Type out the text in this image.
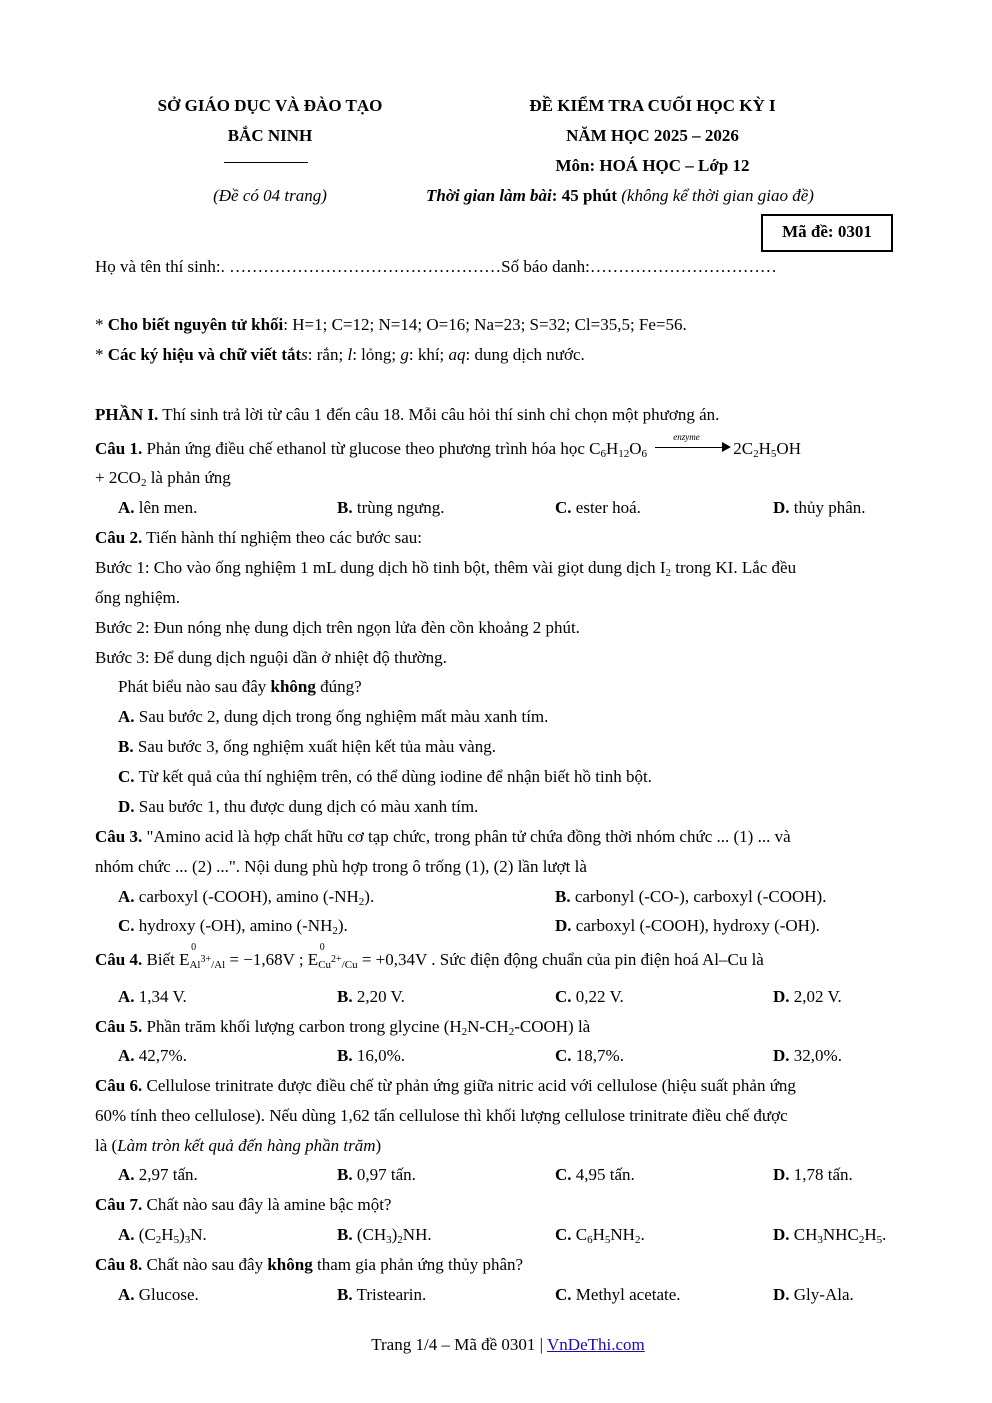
SỞ GIÁO DỤC VÀ ĐÀO TẠO
BẮC NINH
(Đề có 04 trang)
ĐỀ KIỂM TRA CUỐI HỌC KỲ I
NĂM HỌC 2025 – 2026
Môn: HOÁ HỌC – Lớp 12
Thời gian làm bài: 45 phút (không kể thời gian giao đề)
Mã đề: 0301
Họ và tên thí sinh:. …………………………………………Số báo danh:……………………………
* Cho biết nguyên tử khối: H=1; C=12; N=14; O=16; Na=23; S=32; Cl=35,5; Fe=56.
* Các ký hiệu và chữ viết tắts: rắn; l: lỏng; g: khí; aq: dung dịch nước.
PHẦN I. Thí sinh trả lời từ câu 1 đến câu 18. Mỗi câu hỏi thí sinh chỉ chọn một phương án.
Câu 1. Phản ứng điều chế ethanol từ glucose theo phương trình hóa học $C_6H_{12}O_6$
enzyme
$2C_2H_5OH$
+ $2CO_2$ là phản ứng
A. lên men.	B. trùng ngưng.	C. ester hoá.	D. thủy phân.
Câu 2. Tiến hành thí nghiệm theo các bước sau:
Bước 1: Cho vào ống nghiệm 1 mL dung dịch hồ tinh bột, thêm vài giọt dung dịch $I_2$ trong KI. Lắc đều
ống nghiệm.
Bước 2: Đun nóng nhẹ dung dịch trên ngọn lửa đèn cồn khoảng 2 phút.
Bước 3: Để dung dịch nguội dần ở nhiệt độ thường.
Phát biểu nào sau đây không đúng?
A. Sau bước 2, dung dịch trong ống nghiệm mất màu xanh tím.
B. Sau bước 3, ống nghiệm xuất hiện kết tủa màu vàng.
C. Từ kết quả của thí nghiệm trên, có thể dùng iodine để nhận biết hồ tinh bột.
D. Sau bước 1, thu được dung dịch có màu xanh tím.
Câu 3. "Amino acid là hợp chất hữu cơ tạp chức, trong phân tử chứa đồng thời nhóm chức ... (1) ... và
nhóm chức ... (2) ...". Nội dung phù hợp trong ô trống (1), (2) lần lượt là
A. carboxyl (-COOH), amino $(-NH_2)$.	B. carbonyl (-CO-), carboxyl (-COOH).
C. hydroxy (-OH), amino $(-NH_2)$.	D. carboxyl (-COOH), hydroxy (-OH).
Câu 4. Biết E
0
$_{Al^{3+}/Al}$ = −1,68V ; E
0
$_{Cu^{2+}/Cu}$ = +0,34V . Sức điện động chuẩn của pin điện hoá Al–Cu là
A. 1,34 V.	B. 2,20 V.	C. 0,22 V.	D. 2,02 V.
Câu 5. Phần trăm khối lượng carbon trong glycine $(H_2N-CH_2-COOH)$ là
A. 42,7%.	B. 16,0%.	C. 18,7%.	D. 32,0%.
Câu 6. Cellulose trinitrate được điều chế từ phản ứng giữa nitric acid với cellulose (hiệu suất phản ứng
60% tính theo cellulose). Nếu dùng 1,62 tấn cellulose thì khối lượng cellulose trinitrate điều chế được
là (Làm tròn kết quả đến hàng phần trăm)
A. 2,97 tấn.	B. 0,97 tấn.	C. 4,95 tấn.	D. 1,78 tấn.
Câu 7. Chất nào sau đây là amine bậc một?
A. $(C_2H_5)_3N$.	B. $(CH_3)_2NH$.	C. $C_6H_5NH_2$.	D. $CH_3NHC_2H_5$.
Câu 8. Chất nào sau đây không tham gia phản ứng thủy phân?
A. Glucose.	B. Tristearin.	C. Methyl acetate.	D. Gly-Ala.
Trang 1/4 – Mã đề 0301 | VnDeThi.com
